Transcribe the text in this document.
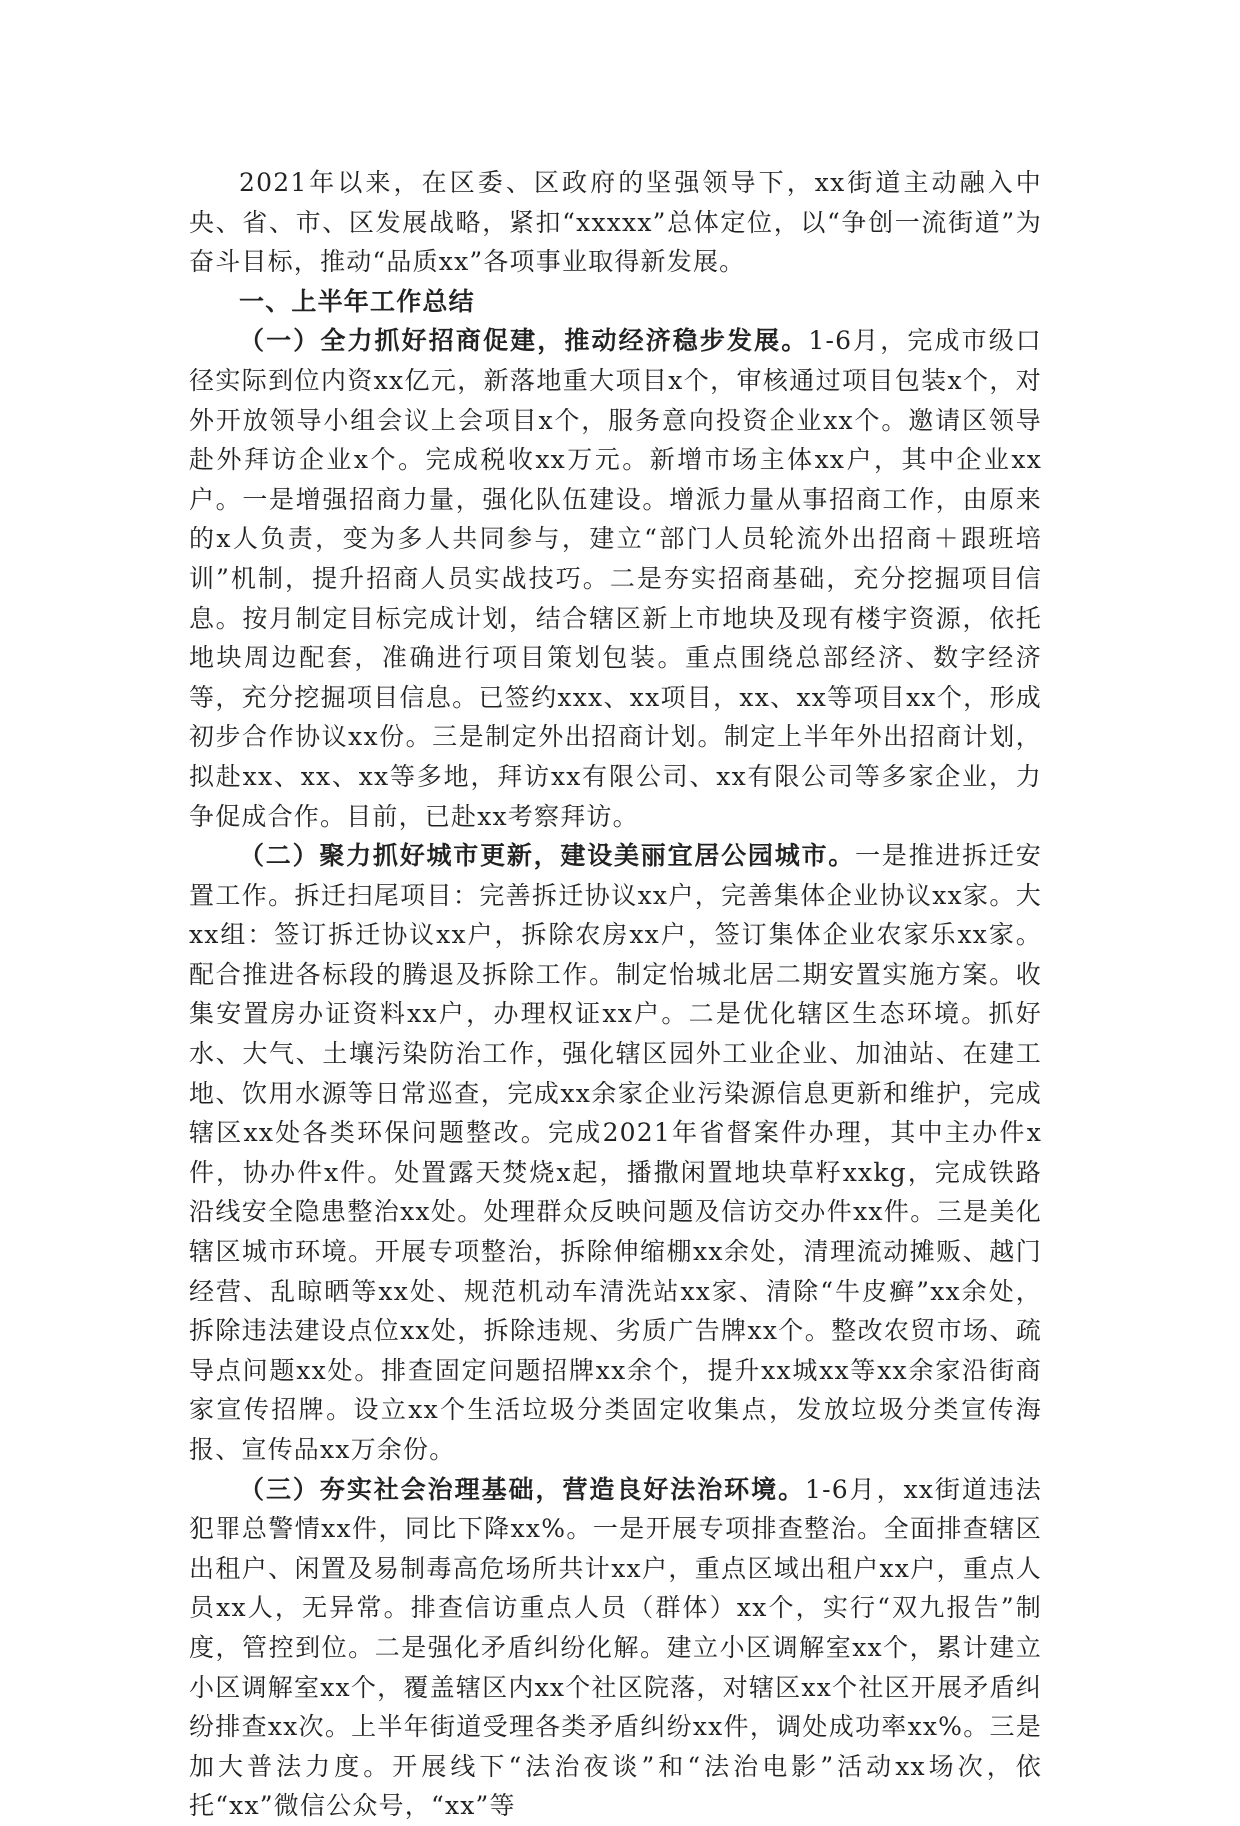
2021年以来，在区委、区政府的坚强领导下，xx街道主动融入中央、省、市、区发展战略，紧扣“xxxxx”总体定位，以“争创一流街道”为奋斗目标，推动“品质xx”各项事业取得新发展。

一、上半年工作总结

（一）全力抓好招商促建，推动经济稳步发展。1-6月，完成市级口径实际到位内资xx亿元，新落地重大项目x个，审核通过项目包装x个，对外开放领导小组会议上会项目x个，服务意向投资企业xx个。邀请区领导赴外拜访企业x个。完成税收xx万元。新增市场主体xx户，其中企业xx户。一是增强招商力量，强化队伍建设。增派力量从事招商工作，由原来的x人负责，变为多人共同参与，建立“部门人员轮流外出招商＋跟班培训”机制，提升招商人员实战技巧。二是夯实招商基础，充分挖掘项目信息。按月制定目标完成计划，结合辖区新上市地块及现有楼宇资源，依托地块周边配套，准确进行项目策划包装。重点围绕总部经济、数字经济等，充分挖掘项目信息。已签约xxx、xx项目，xx、xx等项目xx个，形成初步合作协议xx份。三是制定外出招商计划。制定上半年外出招商计划，拟赴xx、xx、xx等多地，拜访xx有限公司、xx有限公司等多家企业，力争促成合作。目前，已赴xx考察拜访。

（二）聚力抓好城市更新，建设美丽宜居公园城市。一是推进拆迁安置工作。拆迁扫尾项目：完善拆迁协议xx户，完善集体企业协议xx家。大xx组：签订拆迁协议xx户，拆除农房xx户，签订集体企业农家乐xx家。配合推进各标段的腾退及拆除工作。制定怡城北居二期安置实施方案。收集安置房办证资料xx户，办理权证xx户。二是优化辖区生态环境。抓好水、大气、土壤污染防治工作，强化辖区园外工业企业、加油站、在建工地、饮用水源等日常巡查，完成xx余家企业污染源信息更新和维护，完成辖区xx处各类环保问题整改。完成2021年省督案件办理，其中主办件x件，协办件x件。处置露天焚烧x起，播撒闲置地块草籽xxkg，完成铁路沿线安全隐患整治xx处。处理群众反映问题及信访交办件xx件。三是美化辖区城市环境。开展专项整治，拆除伸缩棚xx余处，清理流动摊贩、越门经营、乱晾晒等xx处、规范机动车清洗站xx家、清除“牛皮癣”xx余处，拆除违法建设点位xx处，拆除违规、劣质广告牌xx个。整改农贸市场、疏导点问题xx处。排查固定问题招牌xx余个，提升xx城xx等xx余家沿街商家宣传招牌。设立xx个生活垃圾分类固定收集点，发放垃圾分类宣传海报、宣传品xx万余份。

（三）夯实社会治理基础，营造良好法治环境。1-6月，xx街道违法犯罪总警情xx件，同比下降xx%。一是开展专项排查整治。全面排查辖区出租户、闲置及易制毒高危场所共计xx户，重点区域出租户xx户，重点人员xx人，无异常。排查信访重点人员（群体）xx个，实行“双九报告”制度，管控到位。二是强化矛盾纠纷化解。建立小区调解室xx个，累计建立小区调解室xx个，覆盖辖区内xx个社区院落，对辖区xx个社区开展矛盾纠纷排查xx次。上半年街道受理各类矛盾纠纷xx件，调处成功率xx%。三是加大普法力度。开展线下“法治夜谈”和“法治电影”活动xx场次，依托“xx”微信公众号，“xx”等
